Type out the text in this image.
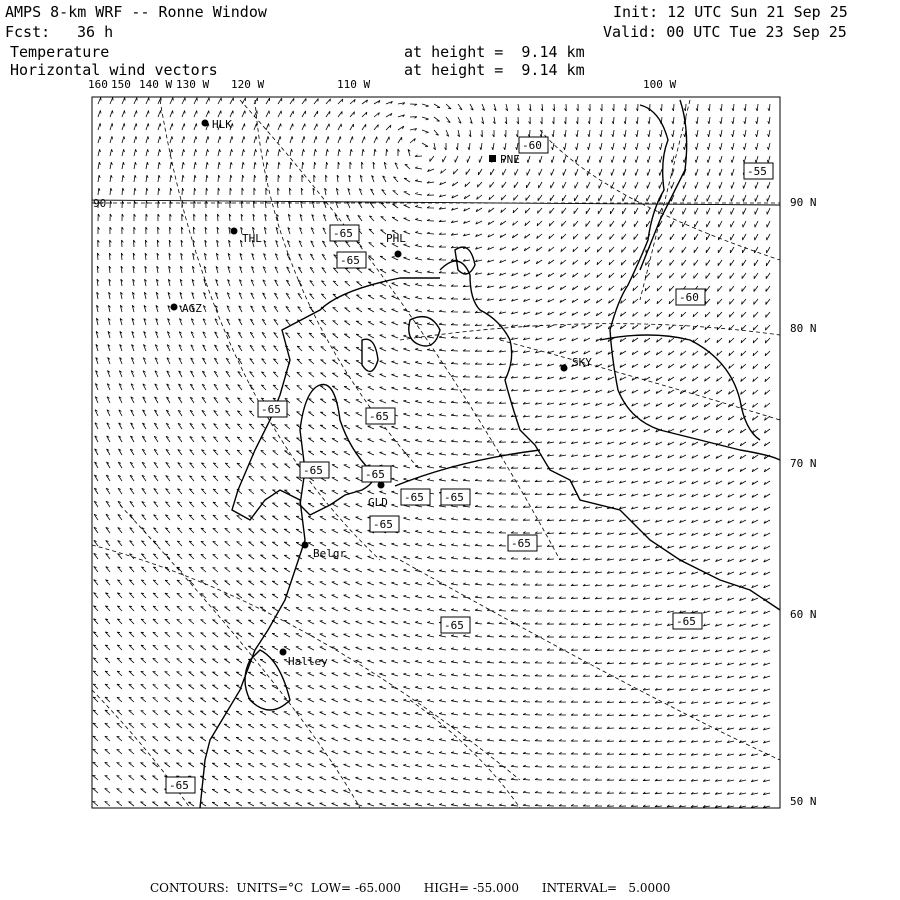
AMPS 8-km WRF -- Ronne Window	Init: 12 UTC Sun 21 Sep 25
Fcst: 36 h	Valid: 00 UTC Tue 23 Sep 25
Temperature
Horizontal wind vectors
at height =  9.14 km
at height =  9.14 km
160 150 140 W 130 W 120 W	110 W	100 W
90 N
80 N
70 N
60 N
50 N
HLK
PNE
THL	PHL
AGZ
SKY
GLD
Belgr
Halley
90
-60
-55
-65
-65
-60
-65
-65
-65	-65
-65 -65
-65
-65
-65	-65
-65
CONTOURS:  UNITS=°C  LOW= -65.000      HIGH= -55.000      INTERVAL=   5.0000
